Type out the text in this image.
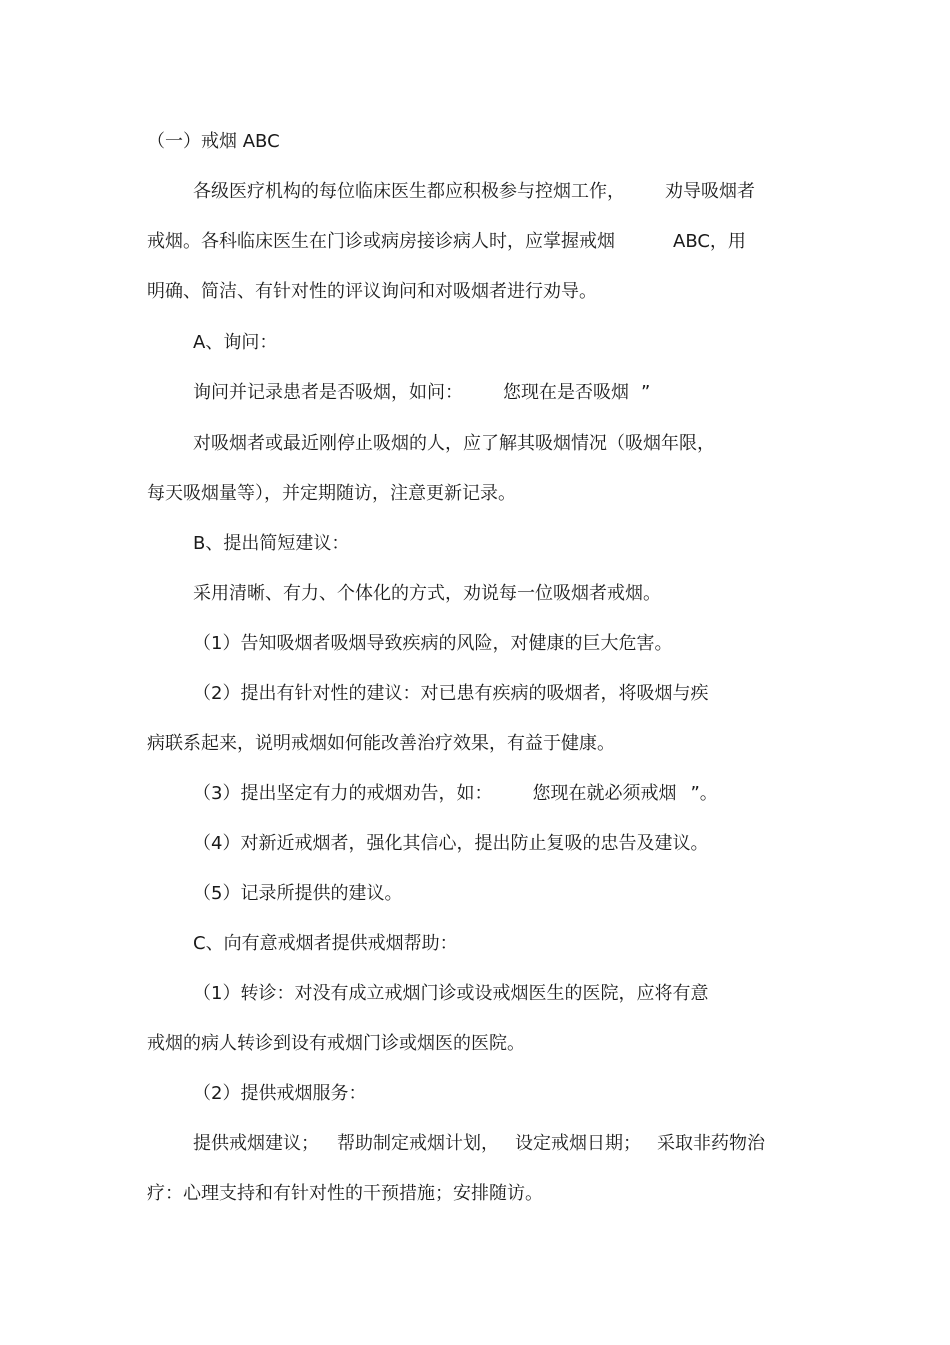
（一）戒烟 ABC
各级医疗机构的每位临床医生都应积极参与控烟工作， 劝导吸烟者
戒烟。各科临床医生在门诊或病房接诊病人时，应掌握戒烟	ABC，用
明确、简洁、有针对性的评议询问和对吸烟者进行劝导。
A、询问：
询问并记录患者是否吸烟，如问： 您现在是否吸烟 ”
对吸烟者或最近刚停止吸烟的人，应了解其吸烟情况（吸烟年限，
每天吸烟量等），并定期随访，注意更新记录。
B、提出简短建议：
采用清晰、有力、个体化的方式，劝说每一位吸烟者戒烟。
（1）告知吸烟者吸烟导致疾病的风险，对健康的巨大危害。
（2）提出有针对性的建议：对已患有疾病的吸烟者，将吸烟与疾
病联系起来，说明戒烟如何能改善治疗效果，有益于健康。
（3）提出坚定有力的戒烟劝告，如： 您现在就必须戒烟 ”。
（4）对新近戒烟者，强化其信心，提出防止复吸的忠告及建议。
（5）记录所提供的建议。
C、向有意戒烟者提供戒烟帮助：
（1）转诊：对没有成立戒烟门诊或设戒烟医生的医院，应将有意
戒烟的病人转诊到设有戒烟门诊或烟医的医院。
（2）提供戒烟服务：
提供戒烟建议； 帮助制定戒烟计划， 设定戒烟日期； 采取非药物治
疗：心理支持和有针对性的干预措施；安排随访。
